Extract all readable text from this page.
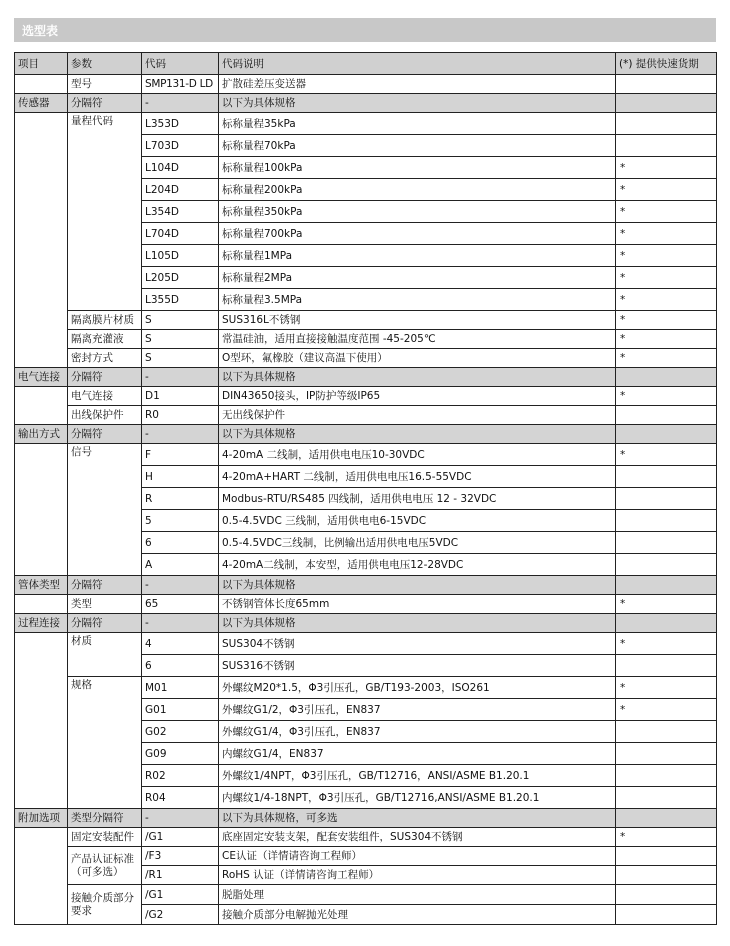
选型表
项目	参数	代码	代码说明	(*) 提供快速货期
	型号	SMP131-D LD	扩散硅差压变送器	
传感器	分隔符	-	以下为具体规格	
	量程代码	L353D	标称量程35kPa	
		L703D	标称量程70kPa	
		L104D	标称量程100kPa	*
		L204D	标称量程200kPa	*
		L354D	标称量程350kPa	*
		L704D	标称量程700kPa	*
		L105D	标称量程1MPa	*
		L205D	标称量程2MPa	*
		L355D	标称量程3.5MPa	*
	隔离膜片材质	S	SUS316L不锈钢	*
	隔离充灌液	S	常温硅油，适用直接接触温度范围 -45-205℃	*
	密封方式	S	O型环，氟橡胶（建议高温下使用）	*
电气连接	分隔符	-	以下为具体规格	
	电气连接	D1	DIN43650接头，IP防护等级IP65	*
	出线保护件	R0	无出线保护件	
输出方式	分隔符	-	以下为具体规格	
	信号	F	4-20mA 二线制，适用供电电压10-30VDC	*
		H	4-20mA+HART 二线制，适用供电电压16.5-55VDC	
		R	Modbus-RTU/RS485 四线制，适用供电电压 12 - 32VDC	
		5	0.5-4.5VDC 三线制，适用供电电6-15VDC	
		6	0.5-4.5VDC三线制，比例输出适用供电电压5VDC	
		A	4-20mA二线制，本安型，适用供电电压12-28VDC	
管体类型	分隔符	-	以下为具体规格	
	类型	65	不锈钢管体长度65mm	*
过程连接	分隔符	-	以下为具体规格	
	材质	4	SUS304不锈钢	*
		6	SUS316不锈钢	
	规格	M01	外螺纹M20*1.5，Φ3引压孔，GB/T193-2003，ISO261	*
		G01	外螺纹G1/2，Φ3引压孔，EN837	*
		G02	外螺纹G1/4，Φ3引压孔，EN837	
		G09	内螺纹G1/4，EN837	
		R02	外螺纹1/4NPT，Φ3引压孔，GB/T12716，ANSI/ASME B1.20.1	
		R04	内螺纹1/4-18NPT，Φ3引压孔，GB/T12716,ANSI/ASME B1.20.1	
附加选项	类型分隔符	-	以下为具体规格，可多选	
	固定安装配件	/G1	底座固定安装支架，配套安装组件，SUS304不锈钢	*
	产品认证标准（可多选）	/F3	CE认证（详情请咨询工程师）	
		/R1	RoHS 认证（详情请咨询工程师）	
	接触介质部分要求	/G1	脱脂处理	
		/G2	接触介质部分电解抛光处理	
